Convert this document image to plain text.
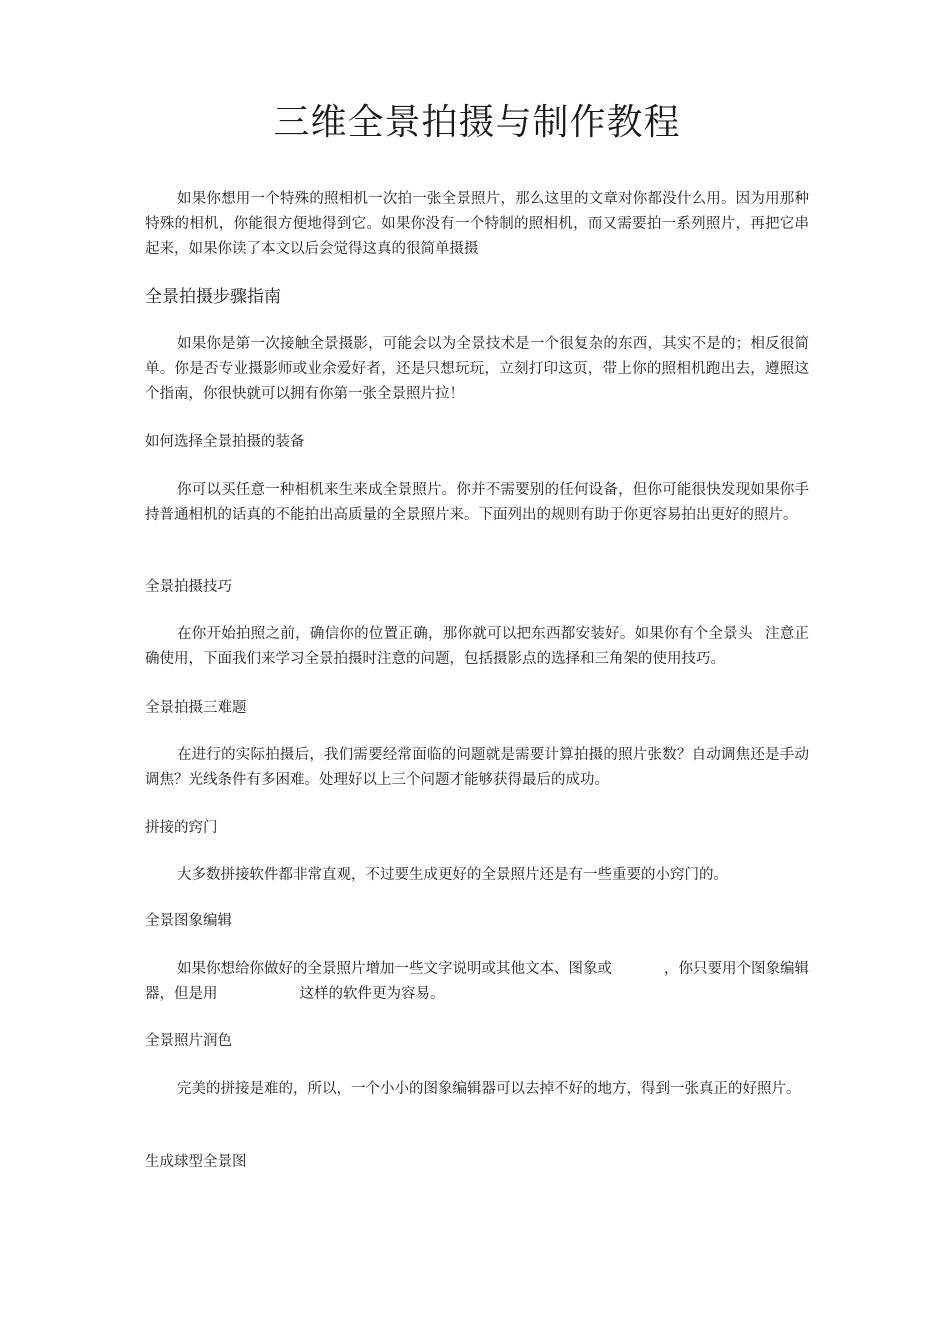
三维全景拍摄与制作教程

如果你想用一个特殊的照相机一次拍一张全景照片，那么这里的文章对你都没什么用。因为用那种特殊的相机，你能很方便地得到它。如果你没有一个特制的照相机，而又需要拍一系列照片，再把它串起来，如果你读了本文以后会觉得这真的很简单摄摄

全景拍摄步骤指南

如果你是第一次接触全景摄影，可能会以为全景技术是一个很复杂的东西，其实不是的；相反很简单。你是否专业摄影师或业余爱好者，还是只想玩玩，立刻打印这页，带上你的照相机跑出去，遵照这个指南，你很快就可以拥有你第一张全景照片拉！

如何选择全景拍摄的装备

你可以买任意一种相机来生来成全景照片。你并不需要别的任何设备，但你可能很快发现如果你手持普通相机的话真的不能拍出高质量的全景照片来。下面列出的规则有助于你更容易拍出更好的照片。

全景拍摄技巧

在你开始拍照之前，确信你的位置正确，那你就可以把东西都安装好。如果你有个全景头 注意正确使用，下面我们来学习全景拍摄时注意的问题，包括摄影点的选择和三角架的使用技巧。

全景拍摄三难题

在进行的实际拍摄后，我们需要经常面临的问题就是需要计算拍摄的照片张数？自动调焦还是手动调焦？光线条件有多困难。处理好以上三个问题才能够获得最后的成功。

拼接的窍门

大多数拼接软件都非常直观，不过要生成更好的全景照片还是有一些重要的小窍门的。

全景图象编辑

如果你想给你做好的全景照片增加一些文字说明或其他文本、图象或	，你只要用个图象编辑器，但是用	这样的软件更为容易。

全景照片润色

完美的拼接是难的，所以，一个小小的图象编辑器可以去掉不好的地方，得到一张真正的好照片。

生成球型全景图
